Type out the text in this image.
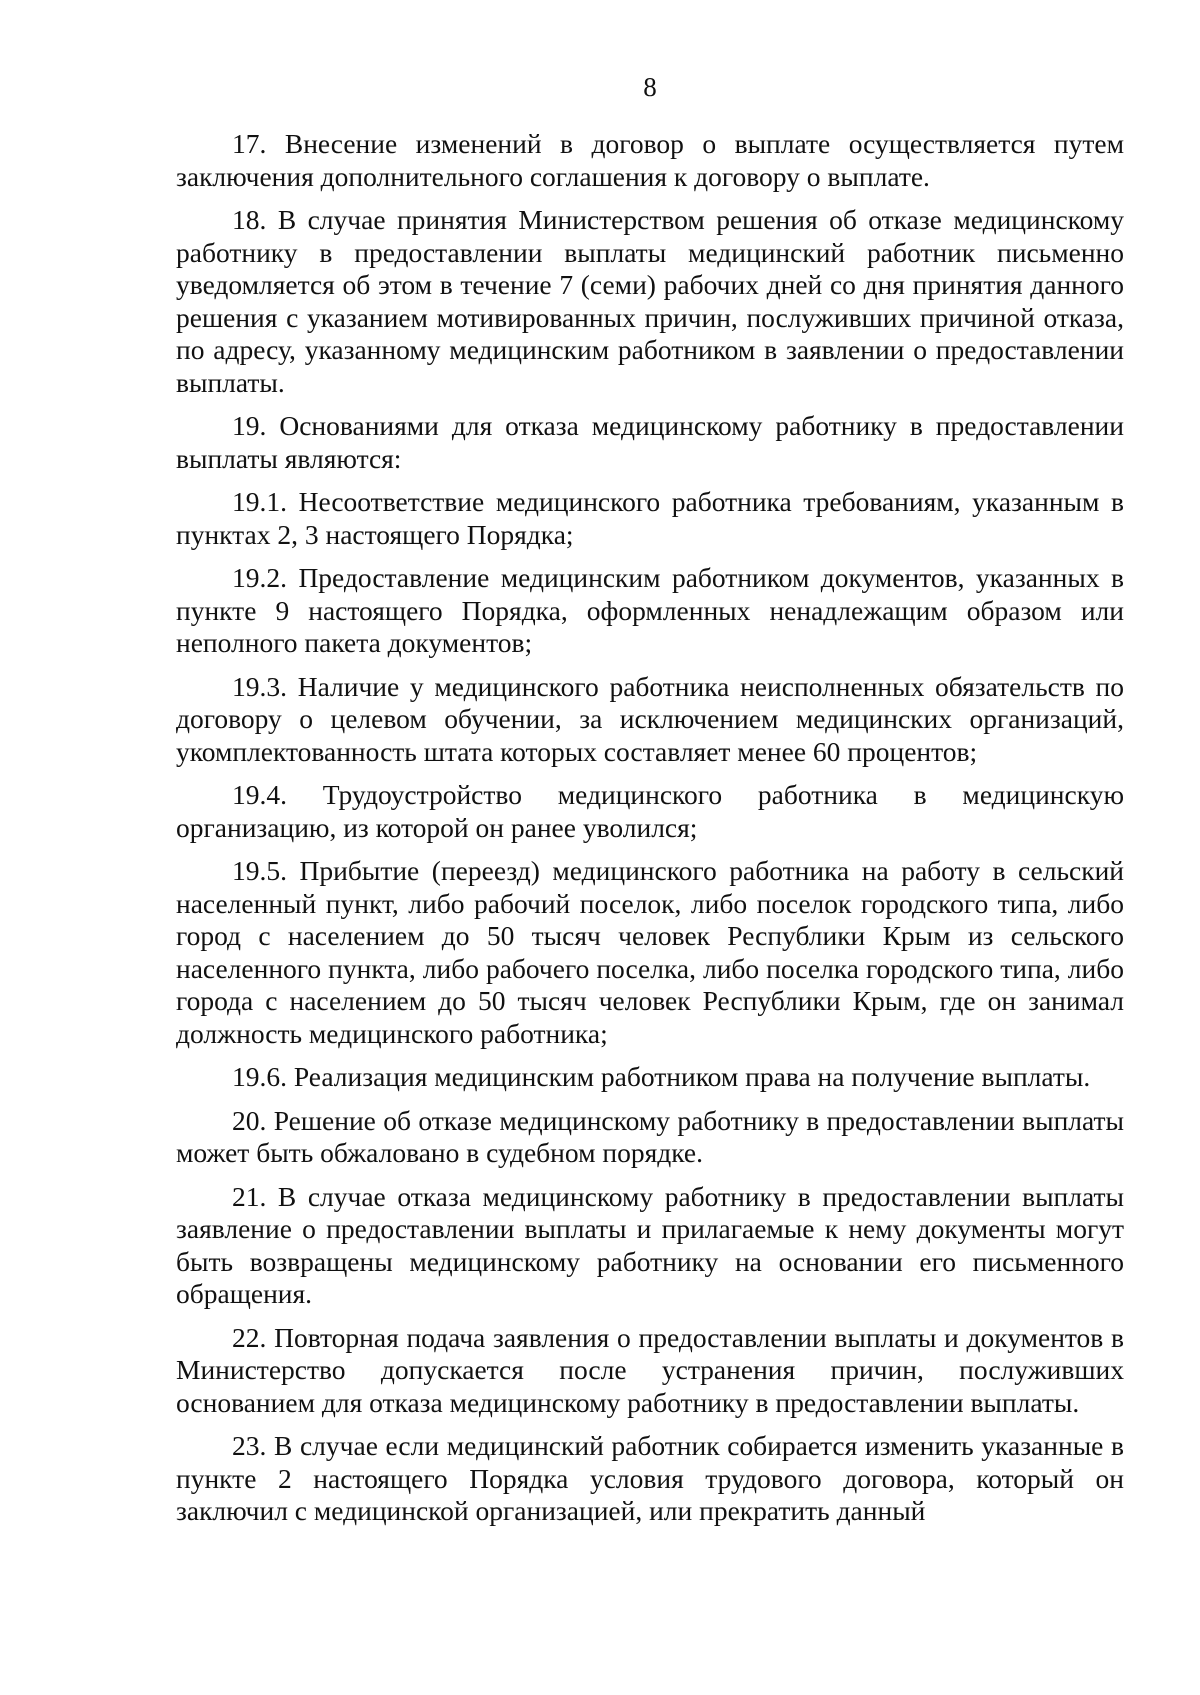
8

17. Внесение изменений в договор о выплате осуществляется путем заключения дополнительного соглашения к договору о выплате.

18. В случае принятия Министерством решения об отказе медицинскому работнику в предоставлении выплаты медицинский работник письменно уведомляется об этом в течение 7 (семи) рабочих дней со дня принятия данного решения с указанием мотивированных причин, послуживших причиной отказа, по адресу, указанному медицинским работником в заявлении о предоставлении выплаты.

19. Основаниями для отказа медицинскому работнику в предоставлении выплаты являются:

19.1. Несоответствие медицинского работника требованиям, указанным в пунктах 2, 3 настоящего Порядка;

19.2. Предоставление медицинским работником документов, указанных в пункте 9 настоящего Порядка, оформленных ненадлежащим образом или неполного пакета документов;

19.3. Наличие у медицинского работника неисполненных обязательств по договору о целевом обучении, за исключением медицинских организаций, укомплектованность штата которых составляет менее 60 процентов;

19.4. Трудоустройство медицинского работника в медицинскую организацию, из которой он ранее уволился;

19.5. Прибытие (переезд) медицинского работника на работу в сельский населенный пункт, либо рабочий поселок, либо поселок городского типа, либо город с населением до 50 тысяч человек Республики Крым из сельского населенного пункта, либо рабочего поселка, либо поселка городского типа, либо города с населением до 50 тысяч человек Республики Крым, где он занимал должность медицинского работника;

19.6. Реализация медицинским работником права на получение выплаты.

20. Решение об отказе медицинскому работнику в предоставлении выплаты может быть обжаловано в судебном порядке.

21. В случае отказа медицинскому работнику в предоставлении выплаты заявление о предоставлении выплаты и прилагаемые к нему документы могут быть возвращены медицинскому работнику на основании его письменного обращения.

22. Повторная подача заявления о предоставлении выплаты и документов в Министерство допускается после устранения причин, послуживших основанием для отказа медицинскому работнику в предоставлении выплаты.

23. В случае если медицинский работник собирается изменить указанные в пункте 2 настоящего Порядка условия трудового договора, который он заключил с медицинской организацией, или прекратить данный
